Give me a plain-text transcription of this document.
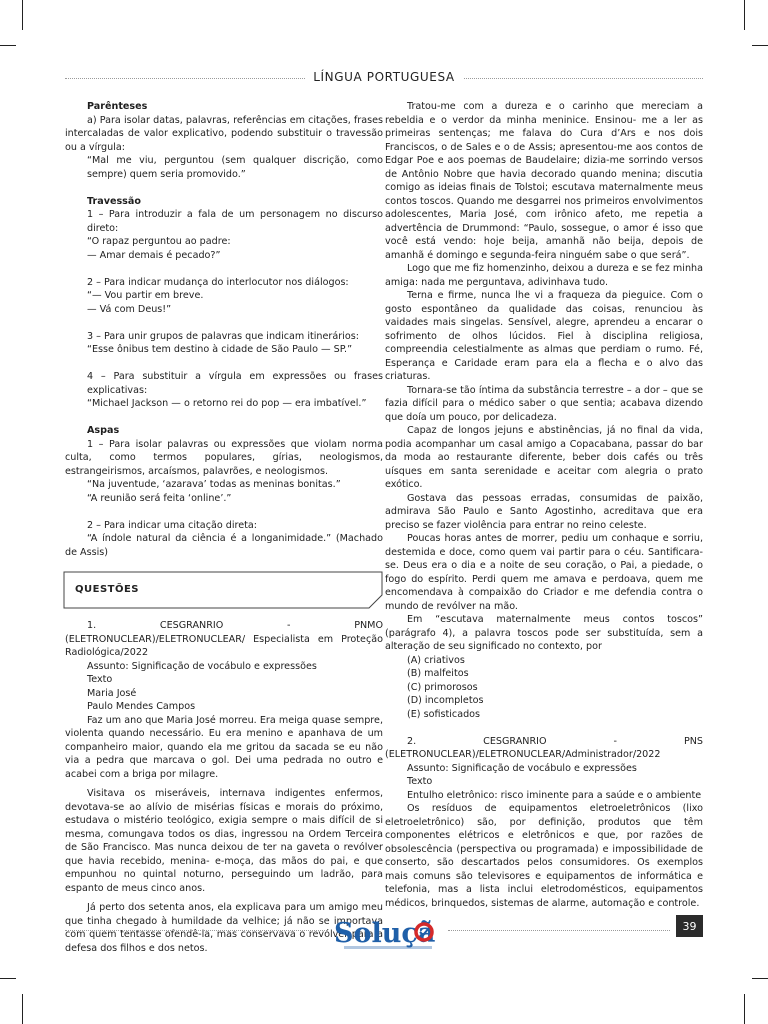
LÍNGUA PORTUGUESA

Parênteses

a) Para isolar datas, palavras, referências em citações, frases intercaladas de valor explicativo, podendo substituir o travessão ou a vírgula:

“Mal me viu, perguntou (sem qualquer discrição, como sempre) quem seria promovido.”

Travessão

1 – Para introduzir a fala de um personagem no discurso direto:

“O rapaz perguntou ao padre:

— Amar demais é pecado?”

2 – Para indicar mudança do interlocutor nos diálogos:

“— Vou partir em breve.

— Vá com Deus!”

3 – Para unir grupos de palavras que indicam itinerários:

“Esse ônibus tem destino à cidade de São Paulo — SP.”

4 – Para substituir a vírgula em expressões ou frases explicativas:

“Michael Jackson — o retorno rei do pop — era imbatível.”

Aspas

1 – Para isolar palavras ou expressões que violam norma culta, como termos populares, gírias, neologismos, estrangeirismos, arcaísmos, palavrões, e neologismos.

“Na juventude, ‘azarava’ todas as meninas bonitas.”

“A reunião será feita ‘online’.”

2 – Para indicar uma citação direta:

“A índole natural da ciência é a longanimidade.” (Machado de Assis)

QUESTÕES

1. CESGRANRIO - PNMO (ELETRONUCLEAR)/ELETRONUCLEAR/ Especialista em Proteção Radiológica/2022

Assunto: Significação de vocábulo e expressões

Texto

Maria José

Paulo Mendes Campos

Faz um ano que Maria José morreu. Era meiga quase sempre, violenta quando necessário. Eu era menino e apanhava de um companheiro maior, quando ela me gritou da sacada se eu não via a pedra que marcava o gol. Dei uma pedrada no outro e acabei com a briga por milagre.

Visitava os miseráveis, internava indigentes enfermos, devotava-se ao alívio de misérias físicas e morais do próximo, estudava o mistério teológico, exigia sempre o mais difícil de si mesma, comungava todos os dias, ingressou na Ordem Terceira de São Francisco. Mas nunca deixou de ter na gaveta o revólver que havia recebido, menina- e-moça, das mãos do pai, e que empunhou no quintal noturno, perseguindo um ladrão, para espanto de meus cinco anos.

Já perto dos setenta anos, ela explicava para um amigo meu que tinha chegado à humildade da velhice; já não se importava com quem tentasse ofendê-la, mas conservava o revólver para a defesa dos filhos e dos netos.

Tratou-me com a dureza e o carinho que mereciam a rebeldia e o verdor da minha meninice. Ensinou- me a ler as primeiras sentenças; me falava do Cura d’Ars e nos dois Franciscos, o de Sales e o de Assis; apresentou-me aos contos de Edgar Poe e aos poemas de Baudelaire; dizia-me sorrindo versos de Antônio Nobre que havia decorado quando menina; discutia comigo as ideias finais de Tolstoi; escutava maternalmente meus contos toscos. Quando me desgarrei nos primeiros envolvimentos adolescentes, Maria José, com irônico afeto, me repetia a advertência de Drummond: “Paulo, sossegue, o amor é isso que você está vendo: hoje beija, amanhã não beija, depois de amanhã é domingo e segunda-feira ninguém sabe o que será”.

Logo que me fiz homenzinho, deixou a dureza e se fez minha amiga: nada me perguntava, adivinhava tudo.

Terna e firme, nunca lhe vi a fraqueza da pieguice. Com o gosto espontâneo da qualidade das coisas, renunciou às vaidades mais singelas. Sensível, alegre, aprendeu a encarar o sofrimento de olhos lúcidos. Fiel à disciplina religiosa, compreendia celestialmente as almas que perdiam o rumo. Fé, Esperança e Caridade eram para ela a flecha e o alvo das criaturas.

Tornara-se tão íntima da substância terrestre – a dor – que se fazia difícil para o médico saber o que sentia; acabava dizendo que doía um pouco, por delicadeza.

Capaz de longos jejuns e abstinências, já no final da vida, podia acompanhar um casal amigo a Copacabana, passar do bar da moda ao restaurante diferente, beber dois cafés ou três uísques em santa serenidade e aceitar com alegria o prato exótico.

Gostava das pessoas erradas, consumidas de paixão, admirava São Paulo e Santo Agostinho, acreditava que era preciso se fazer violência para entrar no reino celeste.

Poucas horas antes de morrer, pediu um conhaque e sorriu, destemida e doce, como quem vai partir para o céu. Santificara-se. Deus era o dia e a noite de seu coração, o Pai, a piedade, o fogo do espírito. Perdi quem me amava e perdoava, quem me encomendava à compaixão do Criador e me defendia contra o mundo de revólver na mão.

Em “escutava maternalmente meus contos toscos” (parágrafo 4), a palavra toscos pode ser substituída, sem a alteração de seu significado no contexto, por

(A) criativos

(B) malfeitos

(C) primorosos

(D) incompletos

(E) sofisticados

2. CESGRANRIO - PNS (ELETRONUCLEAR)/ELETRONUCLEAR/Administrador/2022

Assunto: Significação de vocábulo e expressões

Texto

Entulho eletrônico: risco iminente para a saúde e o ambiente

Os resíduos de equipamentos eletroeletrônicos (lixo eletroeletrônico) são, por definição, produtos que têm componentes elétricos e eletrônicos e que, por razões de obsolescência (perspectiva ou programada) e impossibilidade de conserto, são descartados pelos consumidores. Os exemplos mais comuns são televisores e equipamentos de informática e telefonia, mas a lista inclui eletrodomésticos, equipamentos médicos, brinquedos, sistemas de alarme, automação e controle.

Soluçã	39
